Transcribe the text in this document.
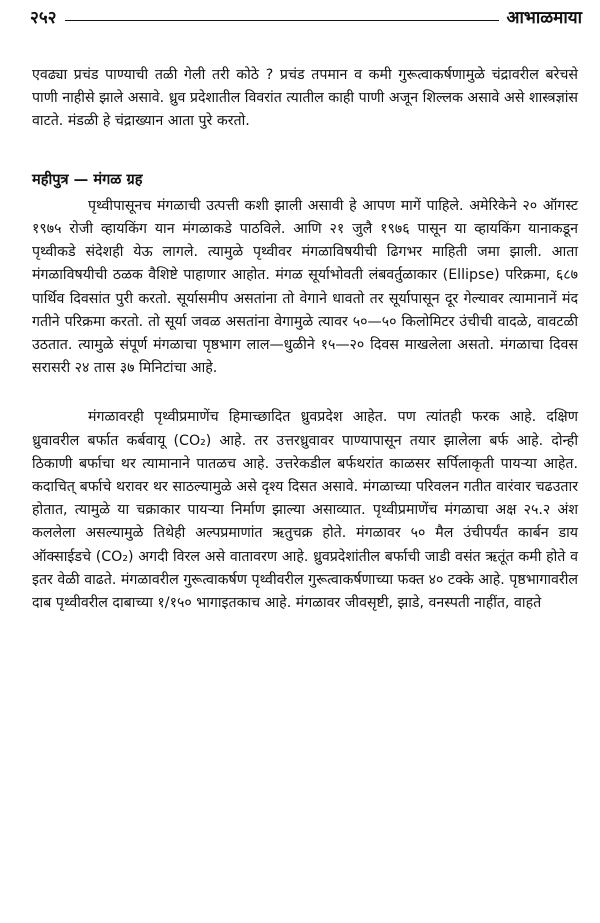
२५२	आभाळमाया

एवढ्या प्रचंड पाण्याची तळी गेली तरी कोठे ? प्रचंड तपमान व कमी गुरूत्वाकर्षणामुळे चंद्रावरील बरेचसे पाणी नाहीसे झाले असावे. ध्रुव प्रदेशातील विवरांत त्यातील काही पाणी अजून शिल्लक असावे असे शास्त्रज्ञांस वाटते. मंडळी हे चंद्राख्यान आता पुरे करतो.

महीपुत्र — मंगळ ग्रह

पृथ्वीपासूनच मंगळाची उत्पत्ती कशी झाली असावी हे आपण मागें पाहिले. अमेरिकेने २० ऑगस्ट १९७५ रोजी व्हायकिंग यान मंगळाकडे पाठविले. आणि २१ जुलै १९७६ पासून या व्हायकिंग यानाकडून पृथ्वीकडे संदेशही येऊ लागले. त्यामुळे पृथ्वीवर मंगळाविषयीची ढिगभर माहिती जमा झाली. आता मंगळाविषयीची ठळक वैशिष्टे पाहाणार आहोत. मंगळ सूर्याभोवती लंबवर्तुळाकार (Ellipse) परिक्रमा, ६८७ पार्थिव दिवसांत पुरी करतो. सूर्यासमीप असतांना तो वेगाने धावतो तर सूर्यापासून दूर गेल्यावर त्यामानानें मंद गतीने परिक्रमा करतो. तो सूर्या जवळ असतांना वेगामुळे त्यावर ५०—५० किलोमिटर उंचीची वादळे, वावटळी उठतात. त्यामुळे संपूर्ण मंगळाचा पृष्ठभाग लाल—धुळीने १५—२० दिवस माखलेला असतो. मंगळाचा दिवस सरासरी २४ तास ३७ मिनिटांचा आहे.

मंगळावरही पृथ्वीप्रमाणेंच हिमाच्छादित ध्रुवप्रदेश आहेत. पण त्यांतही फरक आहे. दक्षिण ध्रुवावरील बर्फात कर्बवायू (CO₂) आहे. तर उत्तरध्रुवावर पाण्यापासून तयार झालेला बर्फ आहे. दोन्ही ठिकाणी बर्फाचा थर त्यामानाने पातळच आहे. उत्तरेकडील बर्फथरांत काळसर सर्पिलाकृती पायऱ्या आहेत. कदाचित् बर्फाचे थरावर थर साठल्यामुळे असे दृश्य दिसत असावे. मंगळाच्या परिवलन गतीत वारंवार चढउतार होतात, त्यामुळे या चक्राकार पायऱ्या निर्माण झाल्या असाव्यात. पृथ्वीप्रमाणेंच मंगळाचा अक्ष २५.२ अंश कललेला असल्यामुळे तिथेही अल्पप्रमाणांत ऋतुचक्र होते. मंगळावर ५० मैल उंचीपर्यंत कार्बन डाय ऑक्साईडचे (CO₂) अगदी विरल असे वातावरण आहे. ध्रुवप्रदेशांतील बर्फाची जाडी वसंत ऋतूंत कमी होते व इतर वेळी वाढते. मंगळावरील गुरूत्वाकर्षण पृथ्वीवरील गुरूत्वाकर्षणाच्या फक्त ४० टक्के आहे. पृष्ठभागावरील दाब पृथ्वीवरील दाबाच्या १/१५० भागाइतकाच आहे. मंगळावर जीवसृष्टी, झाडे, वनस्पती नाहींत, वाहते
